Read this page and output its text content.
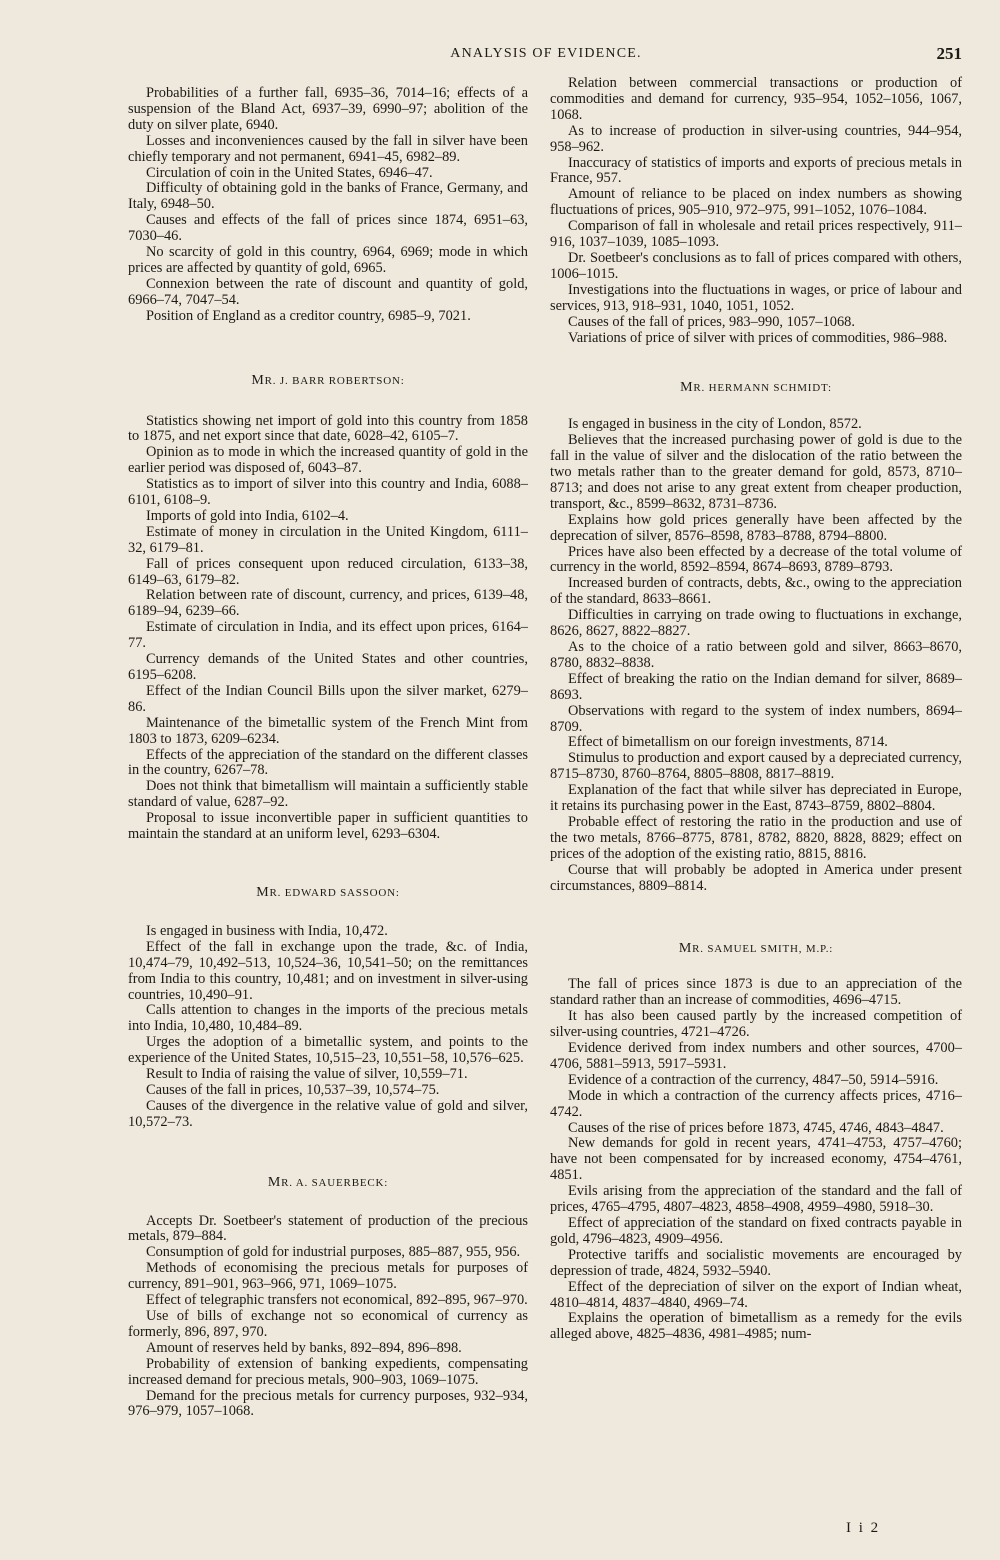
ANALYSIS OF EVIDENCE.	251

Probabilities of a further fall, 6935–36, 7014–16; effects of a suspension of the Bland Act, 6937–39, 6990–97; abolition of the duty on silver plate, 6940.

Losses and inconveniences caused by the fall in silver have been chiefly temporary and not permanent, 6941–45, 6982–89.

Circulation of coin in the United States, 6946–47.

Difficulty of obtaining gold in the banks of France, Germany, and Italy, 6948–50.

Causes and effects of the fall of prices since 1874, 6951–63, 7030–46.

No scarcity of gold in this country, 6964, 6969; mode in which prices are affected by quantity of gold, 6965.

Connexion between the rate of discount and quantity of gold, 6966–74, 7047–54.

Position of England as a creditor country, 6985–9, 7021.

MR. J. BARR ROBERTSON:

Statistics showing net import of gold into this country from 1858 to 1875, and net export since that date, 6028–42, 6105–7.

Opinion as to mode in which the increased quantity of gold in the earlier period was disposed of, 6043–87.

Statistics as to import of silver into this country and India, 6088–6101, 6108–9.

Imports of gold into India, 6102–4.

Estimate of money in circulation in the United Kingdom, 6111–32, 6179–81.

Fall of prices consequent upon reduced circulation, 6133–38, 6149–63, 6179–82.

Relation between rate of discount, currency, and prices, 6139–48, 6189–94, 6239–66.

Estimate of circulation in India, and its effect upon prices, 6164–77.

Currency demands of the United States and other countries, 6195–6208.

Effect of the Indian Council Bills upon the silver market, 6279–86.

Maintenance of the bimetallic system of the French Mint from 1803 to 1873, 6209–6234.

Effects of the appreciation of the standard on the different classes in the country, 6267–78.

Does not think that bimetallism will maintain a sufficiently stable standard of value, 6287–92.

Proposal to issue inconvertible paper in sufficient quantities to maintain the standard at an uniform level, 6293–6304.

MR. EDWARD SASSOON:

Is engaged in business with India, 10,472.

Effect of the fall in exchange upon the trade, &c. of India, 10,474–79, 10,492–513, 10,524–36, 10,541–50; on the remittances from India to this country, 10,481; and on investment in silver-using countries, 10,490–91.

Calls attention to changes in the imports of the precious metals into India, 10,480, 10,484–89.

Urges the adoption of a bimetallic system, and points to the experience of the United States, 10,515–23, 10,551–58, 10,576–625.

Result to India of raising the value of silver, 10,559–71.

Causes of the fall in prices, 10,537–39, 10,574–75.

Causes of the divergence in the relative value of gold and silver, 10,572–73.

MR. A. SAUERBECK:

Accepts Dr. Soetbeer's statement of production of the precious metals, 879–884.

Consumption of gold for industrial purposes, 885–887, 955, 956.

Methods of economising the precious metals for purposes of currency, 891–901, 963–966, 971, 1069–1075.

Effect of telegraphic transfers not economical, 892–895, 967–970.

Use of bills of exchange not so economical of currency as formerly, 896, 897, 970.

Amount of reserves held by banks, 892–894, 896–898.

Probability of extension of banking expedients, compensating increased demand for precious metals, 900–903, 1069–1075.

Demand for the precious metals for currency purposes, 932–934, 976–979, 1057–1068.

Relation between commercial transactions or production of commodities and demand for currency, 935–954, 1052–1056, 1067, 1068.

As to increase of production in silver-using countries, 944–954, 958–962.

Inaccuracy of statistics of imports and exports of precious metals in France, 957.

Amount of reliance to be placed on index numbers as showing fluctuations of prices, 905–910, 972–975, 991–1052, 1076–1084.

Comparison of fall in wholesale and retail prices respectively, 911–916, 1037–1039, 1085–1093.

Dr. Soetbeer's conclusions as to fall of prices compared with others, 1006–1015.

Investigations into the fluctuations in wages, or price of labour and services, 913, 918–931, 1040, 1051, 1052.

Causes of the fall of prices, 983–990, 1057–1068.

Variations of price of silver with prices of commodities, 986–988.

MR. HERMANN SCHMIDT:

Is engaged in business in the city of London, 8572.

Believes that the increased purchasing power of gold is due to the fall in the value of silver and the dislocation of the ratio between the two metals rather than to the greater demand for gold, 8573, 8710–8713; and does not arise to any great extent from cheaper production, transport, &c., 8599–8632, 8731–8736.

Explains how gold prices generally have been affected by the deprecation of silver, 8576–8598, 8783–8788, 8794–8800.

Prices have also been effected by a decrease of the total volume of currency in the world, 8592–8594, 8674–8693, 8789–8793.

Increased burden of contracts, debts, &c., owing to the appreciation of the standard, 8633–8661.

Difficulties in carrying on trade owing to fluctuations in exchange, 8626, 8627, 8822–8827.

As to the choice of a ratio between gold and silver, 8663–8670, 8780, 8832–8838.

Effect of breaking the ratio on the Indian demand for silver, 8689–8693.

Observations with regard to the system of index numbers, 8694–8709.

Effect of bimetallism on our foreign investments, 8714.

Stimulus to production and export caused by a depreciated currency, 8715–8730, 8760–8764, 8805–8808, 8817–8819.

Explanation of the fact that while silver has depreciated in Europe, it retains its purchasing power in the East, 8743–8759, 8802–8804.

Probable effect of restoring the ratio in the production and use of the two metals, 8766–8775, 8781, 8782, 8820, 8828, 8829; effect on prices of the adoption of the existing ratio, 8815, 8816.

Course that will probably be adopted in America under present circumstances, 8809–8814.

MR. SAMUEL SMITH, M.P.:

The fall of prices since 1873 is due to an appreciation of the standard rather than an increase of commodities, 4696–4715.

It has also been caused partly by the increased competition of silver-using countries, 4721–4726.

Evidence derived from index numbers and other sources, 4700–4706, 5881–5913, 5917–5931.

Evidence of a contraction of the currency, 4847–50, 5914–5916.

Mode in which a contraction of the currency affects prices, 4716–4742.

Causes of the rise of prices before 1873, 4745, 4746, 4843–4847.

New demands for gold in recent years, 4741–4753, 4757–4760; have not been compensated for by increased economy, 4754–4761, 4851.

Evils arising from the appreciation of the standard and the fall of prices, 4765–4795, 4807–4823, 4858–4908, 4959–4980, 5918–30.

Effect of appreciation of the standard on fixed contracts payable in gold, 4796–4823, 4909–4956.

Protective tariffs and socialistic movements are encouraged by depression of trade, 4824, 5932–5940.

Effect of the depreciation of silver on the export of Indian wheat, 4810–4814, 4837–4840, 4969–74.

Explains the operation of bimetallism as a remedy for the evils alleged above, 4825–4836, 4981–4985; num-

I i 2
